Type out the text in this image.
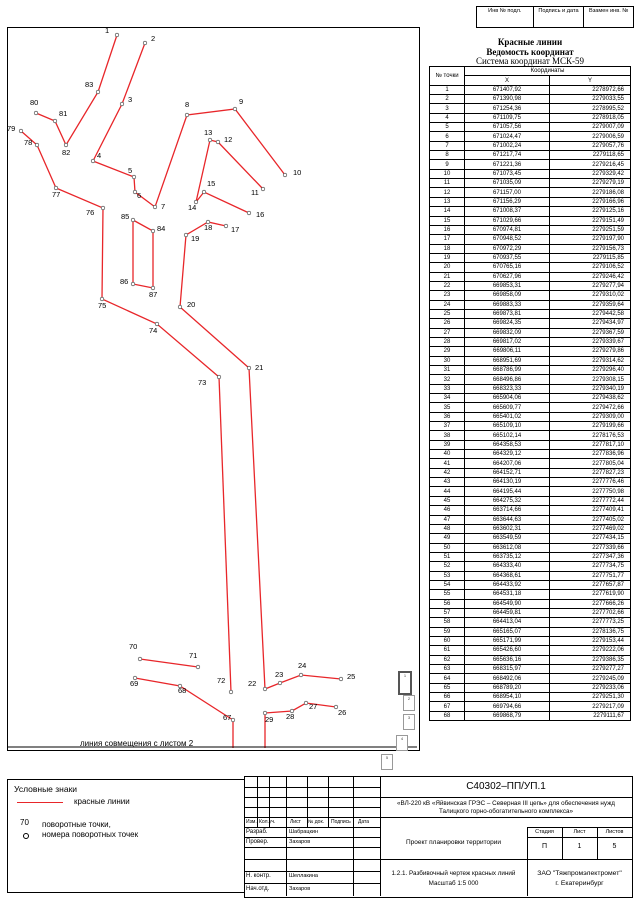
Инв № подл.	Подпись и дата	Взамен инв. №
1
2
3
4
5
6
7
8	9
10
11
12
13
14
15
16
17
18
19
20
21
22
23
24
25
26
27
28
29
67
68
69
70
71
72
73
74
75
76
77
78
79
80
81
82
83
84
85
86
87
линия совмещения с листом 2
Красные линии
Ведомость координат
Система координат МСК-59
№ точки	Координаты	
	X	Y
1	671407,92	2278972,66
2	671390,98	2279033,55
3	671254,36	2278995,52
4	671109,75	2278918,05
5	671057,56	2279007,09
6	671024,47	2279006,59
7	671002,24	2279057,76
8	671217,74	2279118,65
9	671221,36	2279216,45
10	671073,45	2279329,42
11	671035,09	2279279,19
12	671157,00	2279186,08
13	671156,29	2279166,96
14	671008,37	2279125,16
15	671029,66	2279151,49
16	670974,81	2279251,59
17	670948,52	2279197,90
18	670972,29	2279156,73
19	670937,55	2279115,85
20	670765,16	2279106,52
21	670627,96	2279246,42
22	669853,31	2279277,94
23	669858,09	2279310,02
24	669883,33	2279359,64
25	669873,81	2279442,58
26	669824,35	2279434,97
27	669832,09	2279367,59
28	669817,02	2279339,67
29	669806,11	2279279,86
30	668951,69	2279314,62
31	668786,99	2279296,40
32	668496,86	2279308,15
33	668323,33	2279340,19
34	665904,06	2279438,62
35	665609,77	2279472,66
36	665401,02	2279309,00
37	665109,10	2279199,66
38	665102,14	2278176,53
39	664358,53	2277817,10
40	664329,12	2277836,96
41	664207,06	2277805,04
42	664152,71	2277827,23
43	664130,19	2277776,46
44	664195,44	2277750,98
45	664275,32	2277772,44
46	663714,66	2277409,41
47	663644,63	2277405,02
48	663602,31	2277469,02
49	663549,59	2277434,15
50	663612,08	2277339,66
51	663735,12	2277347,36
52	664333,40	2277734,75
53	664368,61	2277751,77
54	664433,92	2277657,87
55	664531,18	2277619,90
56	664549,90	2277666,26
57	664459,81	2277702,66
58	664413,04	2277773,25
59	665165,07	2278136,75
60	665171,99	2279153,44
61	665426,60	2279222,06
62	665636,16	2279386,35
63	668315,97	2279277,27
64	668492,06	2279245,09
65	668789,20	2279233,06
66	668954,10	2279251,30
67	669794,66	2279217,09
68	669868,79	2279111,67
Условные знаки
красные линии
70 поворотные точки,
номера поворотных точек
С40302–ПП/УП.1
«ВЛ-220 кВ «Яйвинская ГРЭС – Северная III цепь» для обеспечения нужд
Талицкого горно-обогатительного комплекса»
Изм. Кол.уч.	Лист № док. Подпись Дата
Разраб.	Шабрацкин
Провер.	Захаров
Н. контр.	Шеллакина
Нач.отд.	Захаров
Проект планировки территории
Стадия	Лист	Листов
П	1	5
1.2.1. Разбивочный чертеж красных линий
Масштаб 1:5 000
ЗАО "Тяжпромэлектромет"
г. Екатеринбург
1
2
3
4
5
